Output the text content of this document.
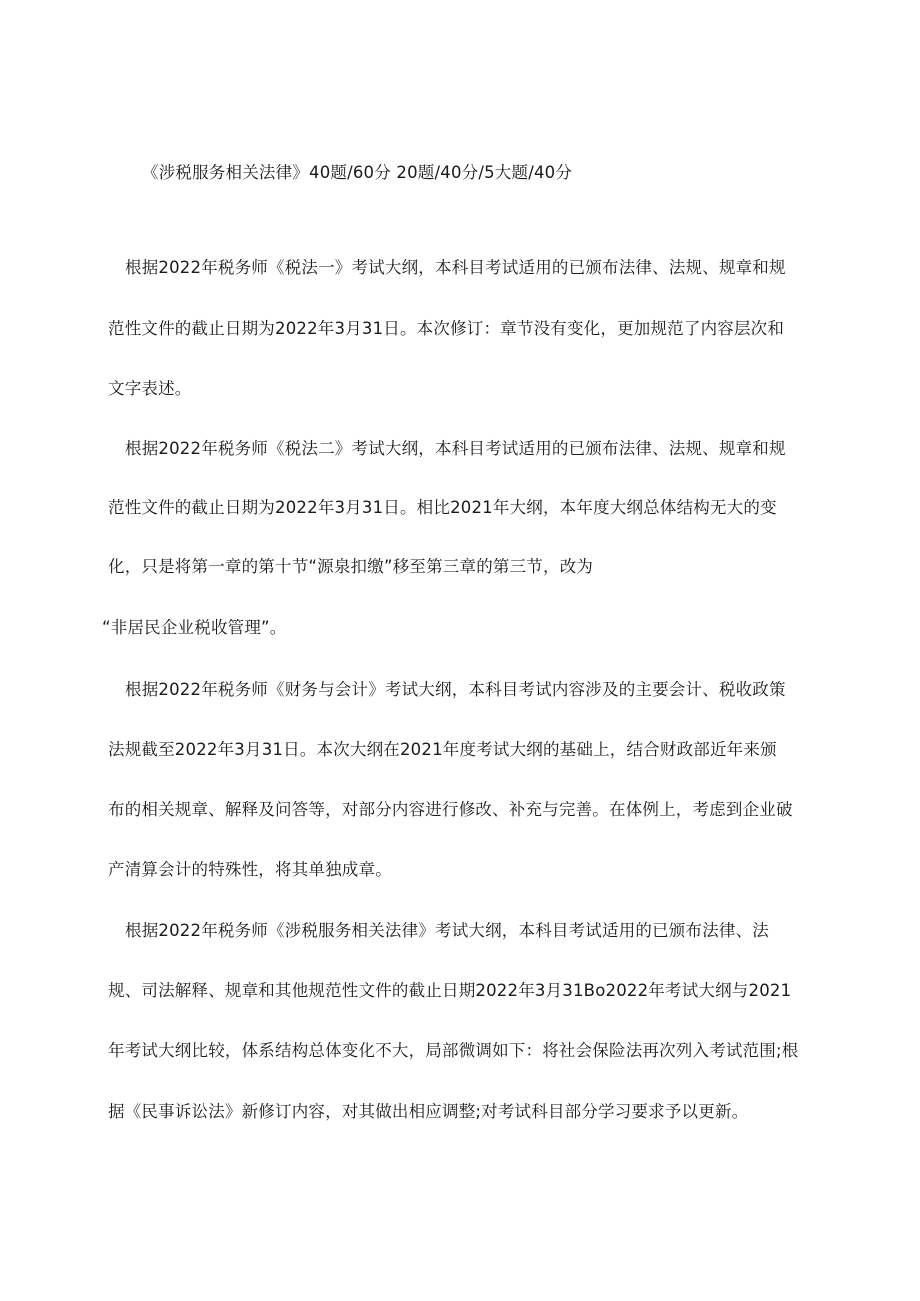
《涉税服务相关法律》40题/60分 20题/40分/5大题/40分
根据2022年税务师《税法一》考试大纲，本科目考试适用的已颁布法律、法规、规章和规
范性文件的截止日期为2022年3月31日。本次修订：章节没有变化，更加规范了内容层次和
文字表述。
根据2022年税务师《税法二》考试大纲，本科目考试适用的已颁布法律、法规、规章和规
范性文件的截止日期为2022年3月31日。相比2021年大纲，本年度大纲总体结构无大的变
化，只是将第一章的第十节“源泉扣缴”移至第三章的第三节，改为
“非居民企业税收管理”。
根据2022年税务师《财务与会计》考试大纲，本科目考试内容涉及的主要会计、税收政策
法规截至2022年3月31日。本次大纲在2021年度考试大纲的基础上，结合财政部近年来颁
布的相关规章、解释及问答等，对部分内容进行修改、补充与完善。在体例上，考虑到企业破
产清算会计的特殊性，将其单独成章。
根据2022年税务师《涉税服务相关法律》考试大纲，本科目考试适用的已颁布法律、法
规、司法解释、规章和其他规范性文件的截止日期2022年3月31Bo2022年考试大纲与2021
年考试大纲比较，体系结构总体变化不大，局部微调如下：将社会保险法再次列入考试范围;根
据《民事诉讼法》新修订内容，对其做出相应调整;对考试科目部分学习要求予以更新。
